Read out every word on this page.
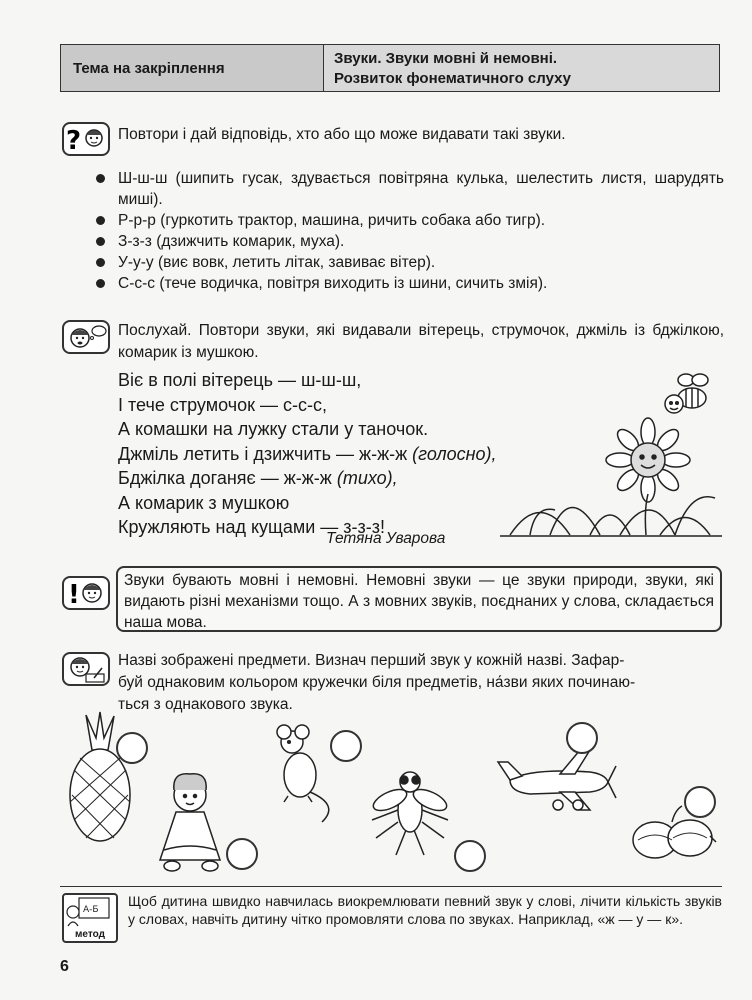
Тема на закріплення
Звуки. Звуки мовні й немовні.
Розвиток фонематичного слуху
? Повтори і дай відповідь, хто або що може видавати такі звуки.
Ш-ш-ш (шипить гусак, здувається повітряна кулька, шелестить листя, шарудять миші).
Р-р-р (гуркотить трактор, машина, ричить собака або тигр).
З-з-з (дзижчить комарик, муха).
У-у-у (виє вовк, летить літак, завиває вітер).
С-с-с (тече водичка, повітря виходить із шини, сичить змія).
Послухай. Повтори звуки, які видавали вітерець, струмочок, джміль із бджілкою, комарик із мушкою.
Віє в полі вітерець — ш-ш-ш,
І тече струмочок — с-с-с,
А комашки на лужку стали у таночок.
Джміль летить і дзижчить — ж-ж-ж (голосно),
Бджілка доганяє — ж-ж-ж (тихо),
А комарик з мушкою
Кружляють над кущами — з-з-з!
Тетяна Уварова
!	Звуки бувають мовні і немовні. Немовні звуки — це звуки природи, звуки, які видають різні механізми тощо. А з мовних звуків, поєднаних у слова, складається наша мова.
Назві зображені предмети. Визнач перший звук у кожній назві. Зафар-
буй однаковим кольором кружечки біля предметів, на́зви яких починаю-
ться з однакового звука.
А-Б
метод
Щоб дитина швидко навчилась виокремлювати певний звук у слові, лічити кількість звуків у словах, навчіть дитину чітко промовляти слова по звуках. Наприклад, «ж — у — к».
6
